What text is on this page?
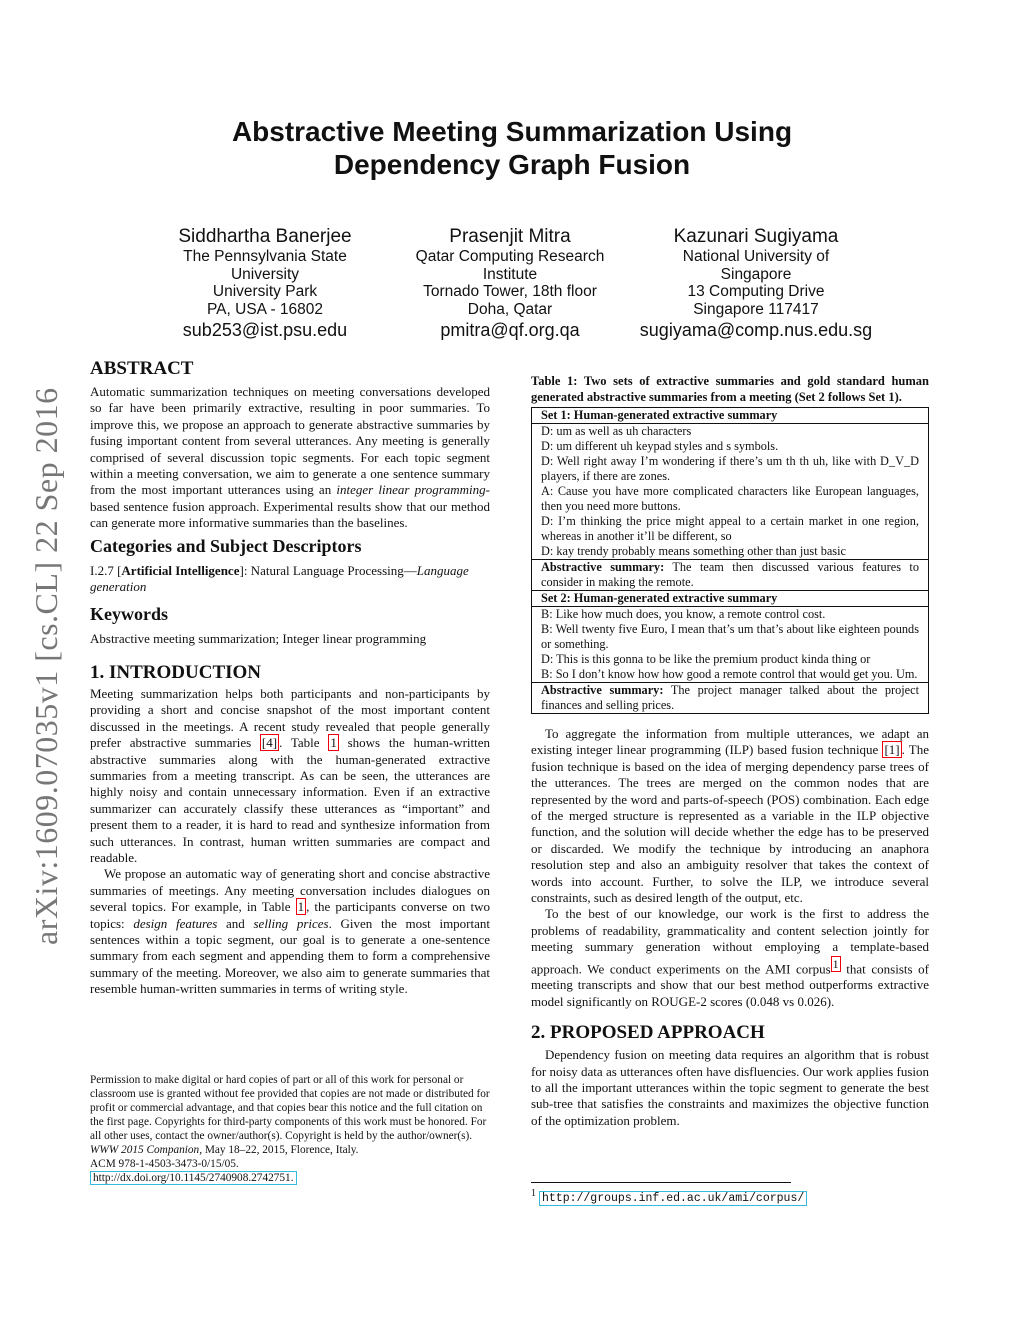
Abstractive Meeting Summarization Using
Dependency Graph Fusion
Siddhartha Banerjee
The Pennsylvania State
University
University Park
PA, USA - 16802
sub253@ist.psu.edu
Prasenjit Mitra
Qatar Computing Research
Institute
Tornado Tower, 18th floor
Doha, Qatar
pmitra@qf.org.qa
Kazunari Sugiyama
National University of
Singapore
13 Computing Drive
Singapore 117417
sugiyama@comp.nus.edu.sg
arXiv:1609.07035v1 [cs.CL] 22 Sep 2016

ABSTRACT

Automatic summarization techniques on meeting conversations developed so far have been primarily extractive, resulting in poor summaries. To improve this, we propose an approach to generate abstractive summaries by fusing important content from several utterances. Any meeting is generally comprised of several discussion topic segments. For each topic segment within a meeting conversation, we aim to generate a one sentence summary from the most important utterances using an integer linear programming-based sentence fusion approach. Experimental results show that our method can generate more informative summaries than the baselines.

Categories and Subject Descriptors

I.2.7 [Artificial Intelligence]: Natural Language Processing—Language generation

Keywords

Abstractive meeting summarization; Integer linear programming

1. INTRODUCTION

Meeting summarization helps both participants and non-participants by providing a short and concise snapshot of the most important content discussed in the meetings. A recent study revealed that people generally prefer abstractive summaries [4] . Table 1 shows the human-written abstractive summaries along with the human-generated extractive summaries from a meeting transcript. As can be seen, the utterances are highly noisy and contain unnecessary information. Even if an extractive summarizer can accurately classify these utterances as “important” and present them to a reader, it is hard to read and synthesize information from such utterances. In contrast, human written summaries are compact and readable.

We propose an automatic way of generating short and concise abstractive summaries of meetings. Any meeting conversation includes dialogues on several topics. For example, in Table 1 , the participants converse on two topics: design features and selling prices. Given the most important sentences within a topic segment, our goal is to generate a one-sentence summary from each segment and appending them to form a comprehensive summary of the meeting. Moreover, we also aim to generate summaries that resemble human-written summaries in terms of writing style.

Permission to make digital or hard copies of part or all of this work for personal or classroom use is granted without fee provided that copies are not made or distributed for profit or commercial advantage, and that copies bear this notice and the full citation on the first page. Copyrights for third-party components of this work must be honored. For all other uses, contact the owner/author(s). Copyright is held by the author/owner(s).

WWW 2015 Companion, May 18–22, 2015, Florence, Italy.

ACM 978-1-4503-3473-0/15/05.

http://dx.doi.org/10.1145/2740908.2742751.

Table 1: Two sets of extractive summaries and gold standard human generated abstractive summaries from a meeting (Set 2 follows Set 1).

Set 1: Human-generated extractive summary
D: um as well as uh characters
D: um different uh keypad styles and s symbols.
D: Well right away I’m wondering if there’s um th th uh, like with D_V_D players, if there are zones.
A: Cause you have more complicated characters like European languages, then you need more buttons.
D: I’m thinking the price might appeal to a certain market in one region, whereas in another it’ll be different, so
D: kay trendy probably means something other than just basic
Abstractive summary: The team then discussed various features to consider in making the remote.
Set 2: Human-generated extractive summary
B: Like how much does, you know, a remote control cost.
B: Well twenty five Euro, I mean that’s um that’s about like eighteen pounds or something.
D: This is this gonna to be like the premium product kinda thing or
B: So I don’t know how how good a remote control that would get you. Um.
Abstractive summary: The project manager talked about the project finances and selling prices.

To aggregate the information from multiple utterances, we adapt an existing integer linear programming (ILP) based fusion technique [1] . The fusion technique is based on the idea of merging dependency parse trees of the utterances. The trees are merged on the common nodes that are represented by the word and parts-of-speech (POS) combination. Each edge of the merged structure is represented as a variable in the ILP objective function, and the solution will decide whether the edge has to be preserved or discarded. We modify the technique by introducing an anaphora resolution step and also an ambiguity resolver that takes the context of words into account. Further, to solve the ILP, we introduce several constraints, such as desired length of the output, etc.

To the best of our knowledge, our work is the first to address the problems of readability, grammaticality and content selection jointly for meeting summary generation without employing a template-based approach. We conduct experiments on the AMI corpus $^1$ that consists of meeting transcripts and show that our best method outperforms extractive model significantly on ROUGE-2 scores (0.048 vs 0.026).

2. PROPOSED APPROACH

Dependency fusion on meeting data requires an algorithm that is robust for noisy data as utterances often have disfluencies. Our work applies fusion to all the important utterances within the topic segment to generate the best sub-tree that satisfies the constraints and maximizes the objective function of the optimization problem.

$^1$ http://groups.inf.ed.ac.uk/ami/corpus/
